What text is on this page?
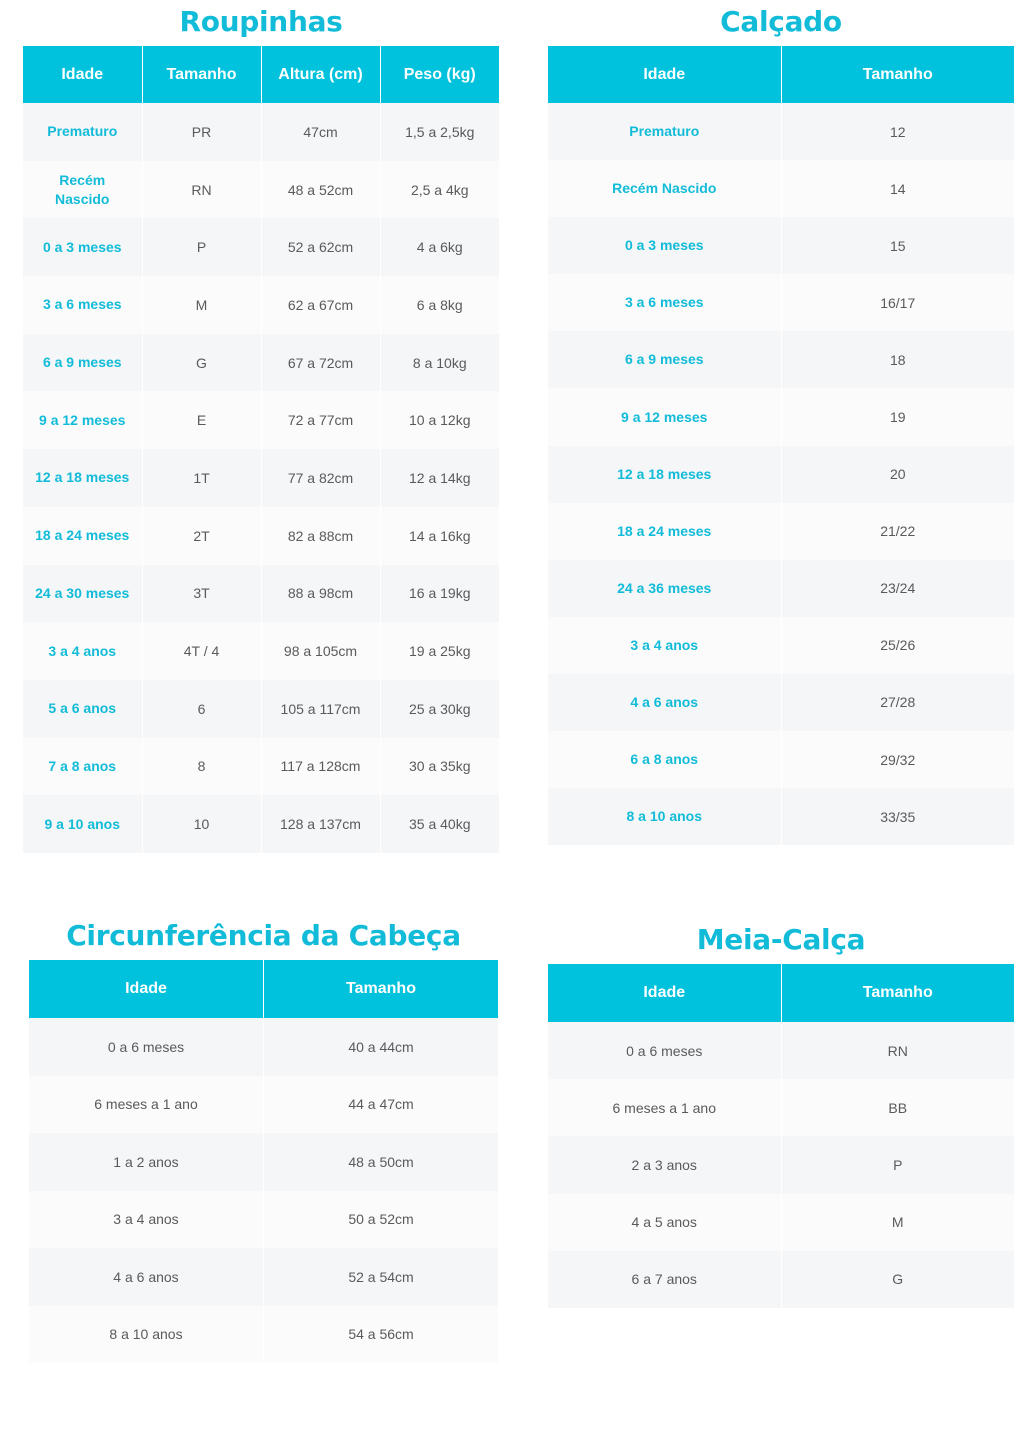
Roupinhas
Idade	Tamanho	Altura (cm)	Peso (kg)
Prematuro	PR	47cm	1,5 a 2,5kg
Recém Nascido	RN	48 a 52cm	2,5 a 4kg
0 a 3 meses	P	52 a 62cm	4 a 6kg
3 a 6 meses	M	62 a 67cm	6 a 8kg
6 a 9 meses	G	67 a 72cm	8 a 10kg
9 a 12 meses	E	72 a 77cm	10 a 12kg
12 a 18 meses	1T	77 a 82cm	12 a 14kg
18 a 24 meses	2T	82 a 88cm	14 a 16kg
24 a 30 meses	3T	88 a 98cm	16 a 19kg
3 a 4 anos	4T / 4	98 a 105cm	19 a 25kg
5 a 6 anos	6	105 a 117cm	25 a 30kg
7 a 8 anos	8	117 a 128cm	30 a 35kg
9 a 10 anos	10	128 a 137cm	35 a 40kg
Calçado
Idade	Tamanho
Prematuro	12
Recém Nascido	14
0 a 3 meses	15
3 a 6 meses	16/17
6 a 9 meses	18
9 a 12 meses	19
12 a 18 meses	20
18 a 24 meses	21/22
24 a 36 meses	23/24
3 a 4 anos	25/26
4 a 6 anos	27/28
6 a 8 anos	29/32
8 a 10 anos	33/35
Circunferência da Cabeça
Idade	Tamanho
0 a 6 meses	40 a 44cm
6 meses a 1 ano	44 a 47cm
1 a 2 anos	48 a 50cm
3 a 4 anos	50 a 52cm
4 a 6 anos	52 a 54cm
8 a 10 anos	54 a 56cm
Meia-Calça
Idade	Tamanho
0 a 6 meses	RN
6 meses a 1 ano	BB
2 a 3 anos	P
4 a 5 anos	M
6 a 7 anos	G
